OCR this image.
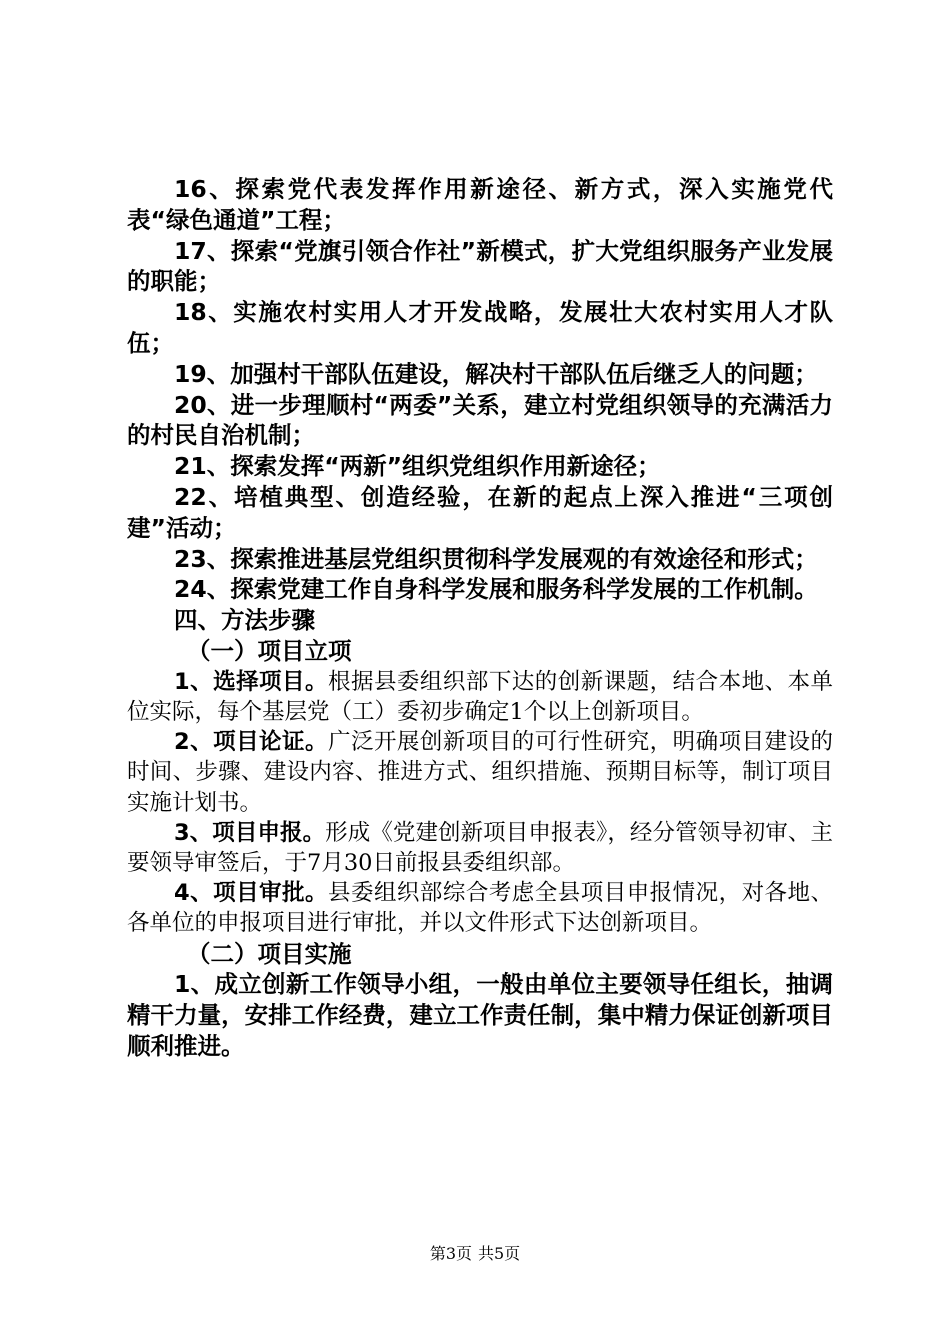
16、探索党代表发挥作用新途径、新方式，深入实施党代表“绿色通道”工程；

17、探索“党旗引领合作社”新模式，扩大党组织服务产业发展的职能；

18、实施农村实用人才开发战略，发展壮大农村实用人才队伍；

19、加强村干部队伍建设，解决村干部队伍后继乏人的问题；

20、进一步理顺村“两委”关系，建立村党组织领导的充满活力的村民自治机制；

21、探索发挥“两新”组织党组织作用新途径；

22、培植典型、创造经验，在新的起点上深入推进“三项创建”活动；

23、探索推进基层党组织贯彻科学发展观的有效途径和形式；

24、探索党建工作自身科学发展和服务科学发展的工作机制。

四、方法步骤

（一）项目立项

1、选择项目。根据县委组织部下达的创新课题，结合本地、本单位实际，每个基层党（工）委初步确定1个以上创新项目。

2、项目论证。广泛开展创新项目的可行性研究，明确项目建设的时间、步骤、建设内容、推进方式、组织措施、预期目标等，制订项目实施计划书。

3、项目申报。形成《党建创新项目申报表》，经分管领导初审、主要领导审签后，于7月30日前报县委组织部。

4、项目审批。县委组织部综合考虑全县项目申报情况，对各地、各单位的申报项目进行审批，并以文件形式下达创新项目。

（二）项目实施

1、成立创新工作领导小组，一般由单位主要领导任组长，抽调精干力量，安排工作经费，建立工作责任制，集中精力保证创新项目顺利推进。

第3页 共5页
